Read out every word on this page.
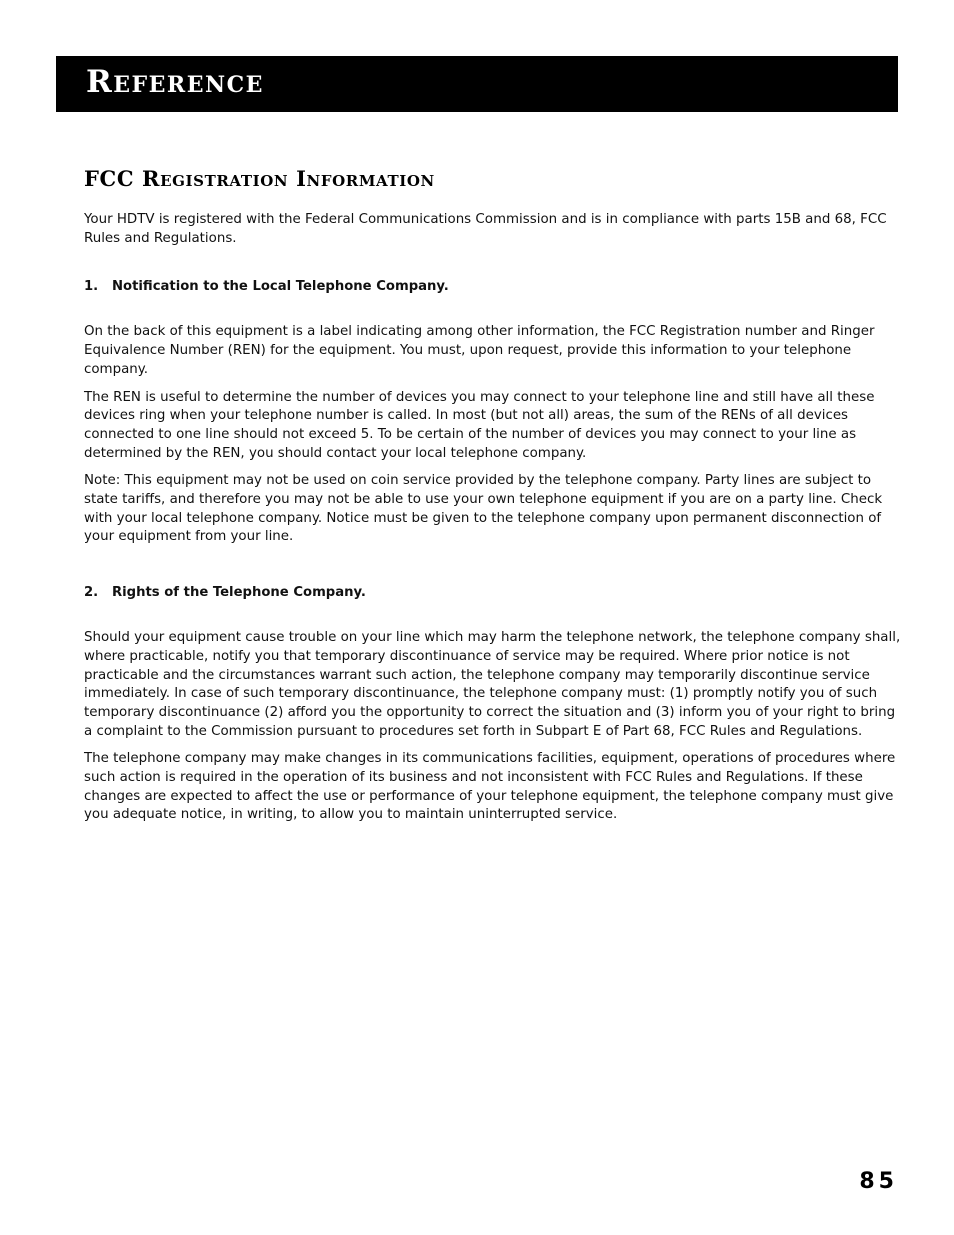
Reference
FCC Registration Information

Your HDTV is registered with the Federal Communications Commission and is in compliance with parts 15B and 68, FCC Rules and Regulations.

1. Notification to the Local Telephone Company.

On the back of this equipment is a label indicating among other information, the FCC Registration number and Ringer Equivalence Number (REN) for the equipment. You must, upon request, provide this information to your telephone company.

The REN is useful to determine the number of devices you may connect to your telephone line and still have all these devices ring when your telephone number is called. In most (but not all) areas, the sum of the RENs of all devices connected to one line should not exceed 5. To be certain of the number of devices you may connect to your line as determined by the REN, you should contact your local telephone company.

Note: This equipment may not be used on coin service provided by the telephone company. Party lines are subject to state tariffs, and therefore you may not be able to use your own telephone equipment if you are on a party line. Check with your local telephone company. Notice must be given to the telephone company upon permanent disconnection of your equipment from your line.

2. Rights of the Telephone Company.

Should your equipment cause trouble on your line which may harm the telephone network, the telephone company shall, where practicable, notify you that temporary discontinuance of service may be required. Where prior notice is not practicable and the circumstances warrant such action, the telephone company may temporarily discontinue service immediately. In case of such temporary discontinuance, the telephone company must: (1) promptly notify you of such temporary discontinuance (2) afford you the opportunity to correct the situation and (3) inform you of your right to bring a complaint to the Commission pursuant to procedures set forth in Subpart E of Part 68, FCC Rules and Regulations.

The telephone company may make changes in its communications facilities, equipment, operations of procedures where such action is required in the operation of its business and not inconsistent with FCC Rules and Regulations. If these changes are expected to affect the use or performance of your telephone equipment, the telephone company must give you adequate notice, in writing, to allow you to maintain uninterrupted service.

85
